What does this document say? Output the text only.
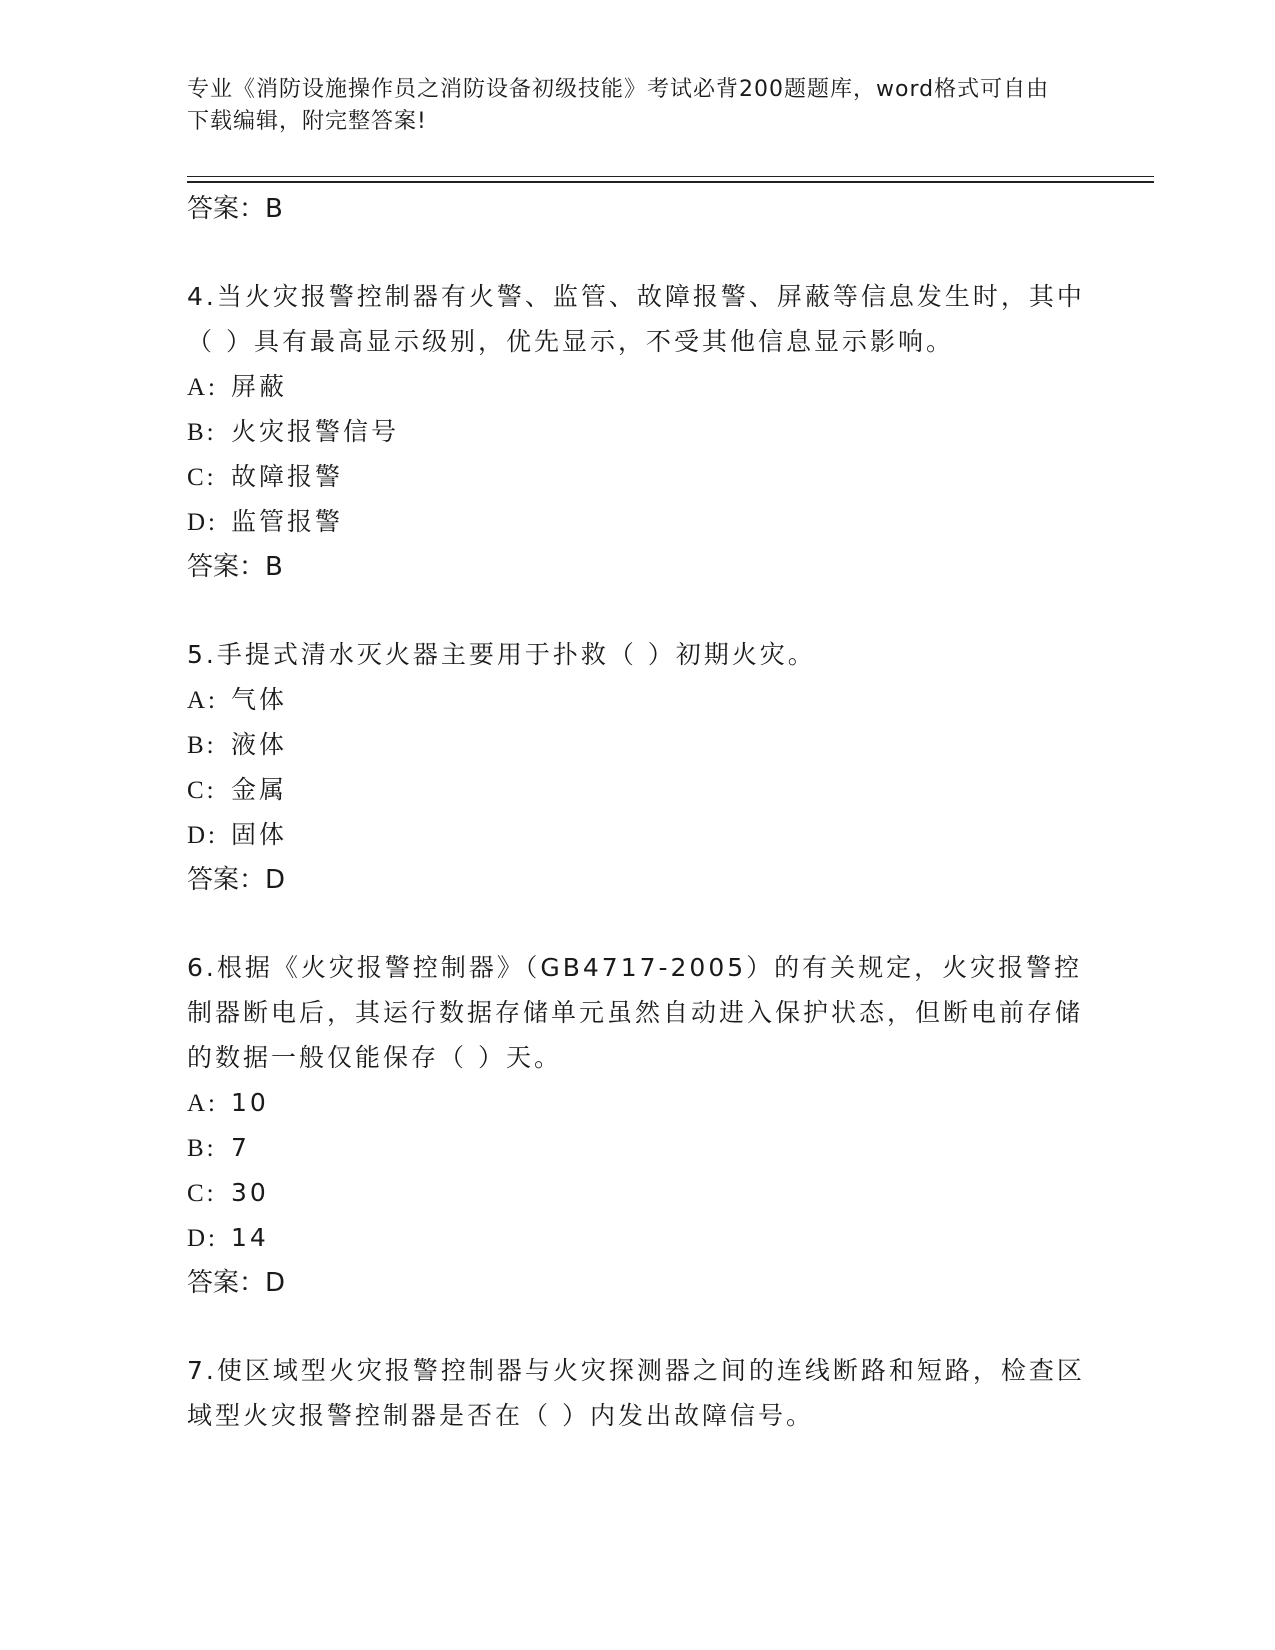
专业《消防设施操作员之消防设备初级技能》考试必背200题题库，word格式可自由下载编辑，附完整答案!
答案：B
4.当火灾报警控制器有火警、监管、故障报警、屏蔽等信息发生时，其中（ ）具有最高显示级别，优先显示，不受其他信息显示影响。
A: 屏蔽
B: 火灾报警信号
C: 故障报警
D: 监管报警
答案：B
5.手提式清水灭火器主要用于扑救（ ）初期火灾。
A: 气体
B: 液体
C: 金属
D: 固体
答案：D
6.根据《火灾报警控制器》（GB4717-2005）的有关规定，火灾报警控制器断电后，其运行数据存储单元虽然自动进入保护状态，但断电前存储的数据一般仅能保存（ ）天。
A: 10
B: 7
C: 30
D: 14
答案：D
7.使区域型火灾报警控制器与火灾探测器之间的连线断路和短路，检查区域型火灾报警控制器是否在（ ）内发出故障信号。
